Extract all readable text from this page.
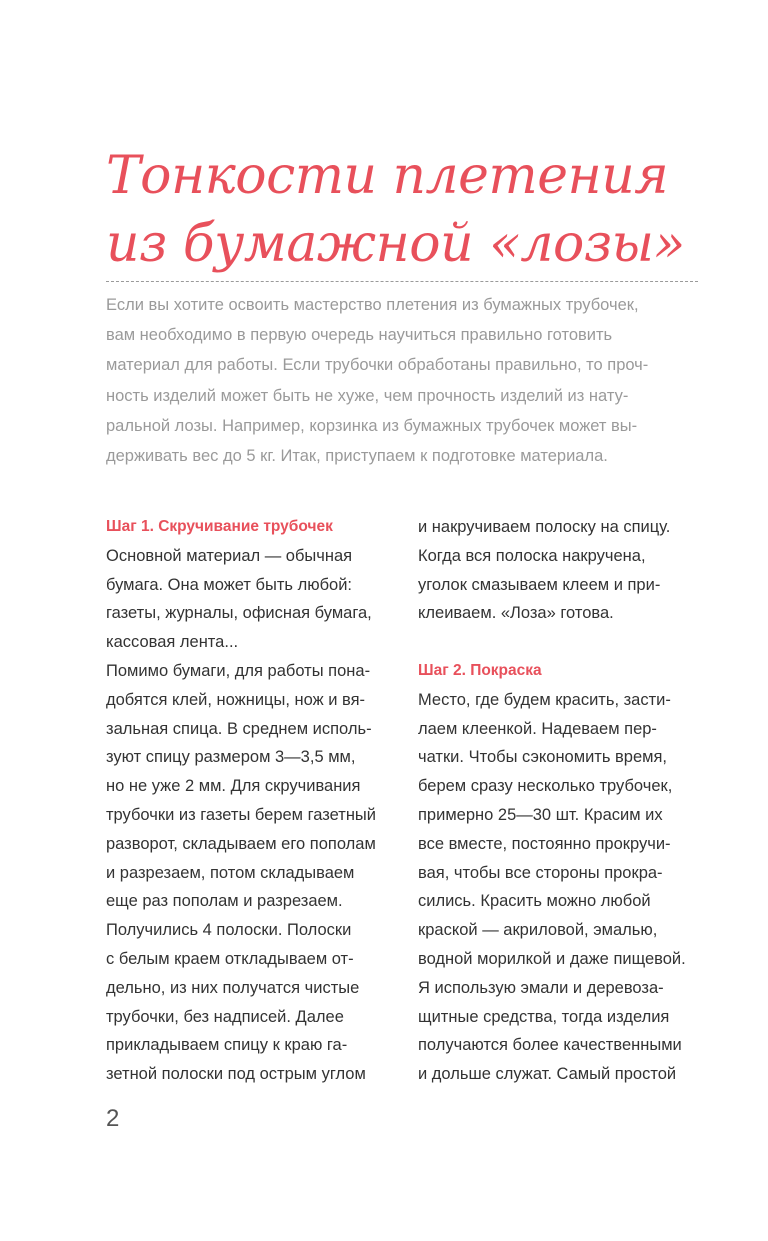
Тонкости плетения
из бумажной «лозы»

Если вы хотите освоить мастерство плетения из бумажных трубочек,
вам необходимо в первую очередь научиться правильно готовить
материал для работы. Если трубочки обработаны правильно, то проч-
ность изделий может быть не хуже, чем прочность изделий из нату-
ральной лозы. Например, корзинка из бумажных трубочек может вы-
держивать вес до 5 кг. Итак, приступаем к подготовке материала.

Шаг 1. Скручивание трубочек
Основной материал — обычная
бумага. Она может быть любой:
газеты, журналы, офисная бумага,
кассовая лента...
Помимо бумаги, для работы пона-
добятся клей, ножницы, нож и вя-
зальная спица. В среднем исполь-
зуют спицу размером 3—3,5 мм,
но не уже 2 мм. Для скручивания
трубочки из газеты берем газетный
разворот, складываем его пополам
и разрезаем, потом складываем
еще раз пополам и разрезаем.
Получились 4 полоски. Полоски
с белым краем откладываем от-
дельно, из них получатся чистые
трубочки, без надписей. Далее
прикладываем спицу к краю га-
зетной полоски под острым углом
и накручиваем полоску на спицу.
Когда вся полоска накручена,
уголок смазываем клеем и при-
клеиваем. «Лоза» готова.
Шаг 2. Покраска
Место, где будем красить, засти-
лаем клеенкой. Надеваем пер-
чатки. Чтобы сэкономить время,
берем сразу несколько трубочек,
примерно 25—30 шт. Красим их
все вместе, постоянно прокручи-
вая, чтобы все стороны прокра-
сились. Красить можно любой
краской — акриловой, эмалью,
водной морилкой и даже пищевой.
Я использую эмали и деревоза-
щитные средства, тогда изделия
получаются более качественными
и дольше служат. Самый простой
2
